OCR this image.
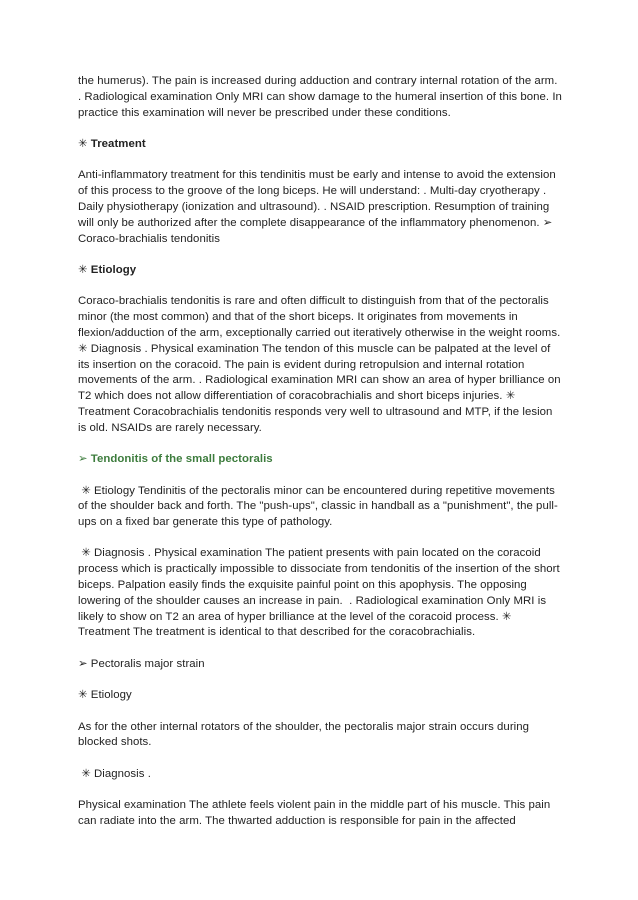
the humerus). The pain is increased during adduction and contrary internal rotation of the arm. . Radiological examination Only MRI can show damage to the humeral insertion of this bone. In practice this examination will never be prescribed under these conditions.

✳ Treatment

Anti-inflammatory treatment for this tendinitis must be early and intense to avoid the extension of this process to the groove of the long biceps. He will understand: . Multi-day cryotherapy . Daily physiotherapy (ionization and ultrasound). . NSAID prescription. Resumption of training will only be authorized after the complete disappearance of the inflammatory phenomenon. ➢ Coraco-brachialis tendonitis

✳ Etiology

Coraco-brachialis tendonitis is rare and often difficult to distinguish from that of the pectoralis minor (the most common) and that of the short biceps. It originates from movements in flexion/adduction of the arm, exceptionally carried out iteratively otherwise in the weight rooms. ✳ Diagnosis . Physical examination The tendon of this muscle can be palpated at the level of its insertion on the coracoid. The pain is evident during retropulsion and internal rotation movements of the arm. . Radiological examination MRI can show an area of hyper brilliance on T2 which does not allow differentiation of coracobrachialis and short biceps injuries. ✳ Treatment Coracobrachialis tendonitis responds very well to ultrasound and MTP, if the lesion is old. NSAIDs are rarely necessary.

➢ Tendonitis of the small pectoralis

✳ Etiology Tendinitis of the pectoralis minor can be encountered during repetitive movements of the shoulder back and forth. The "push-ups", classic in handball as a "punishment", the pull-ups on a fixed bar generate this type of pathology.

✳ Diagnosis . Physical examination The patient presents with pain located on the coracoid process which is practically impossible to dissociate from tendonitis of the insertion of the short biceps. Palpation easily finds the exquisite painful point on this apophysis. The opposing lowering of the shoulder causes an increase in pain.  . Radiological examination Only MRI is likely to show on T2 an area of hyper brilliance at the level of the coracoid process. ✳ Treatment The treatment is identical to that described for the coracobrachialis.

➢ Pectoralis major strain

✳ Etiology

As for the other internal rotators of the shoulder, the pectoralis major strain occurs during blocked shots.

✳ Diagnosis .

Physical examination The athlete feels violent pain in the middle part of his muscle. This pain can radiate into the arm. The thwarted adduction is responsible for pain in the affected
